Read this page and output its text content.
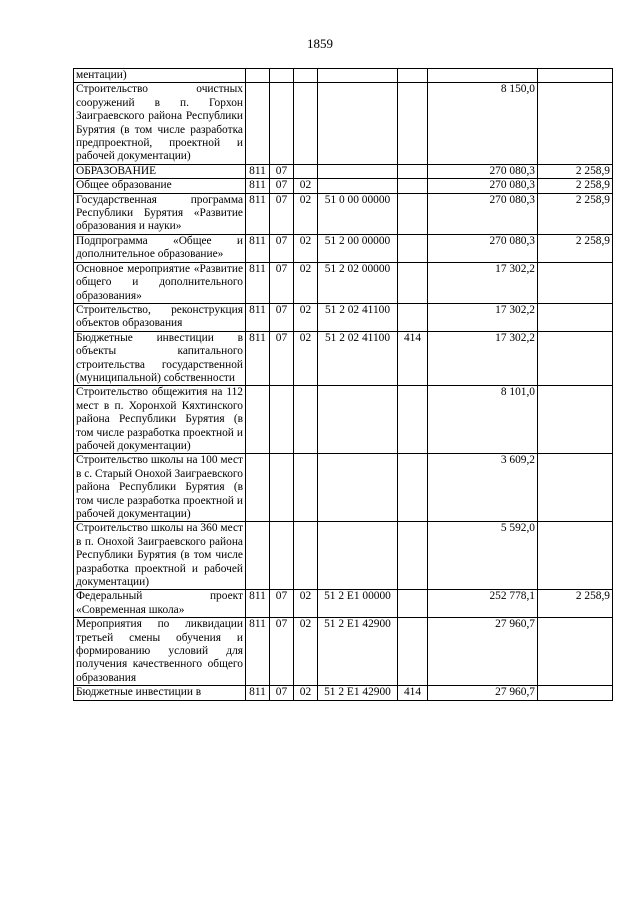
1859
ментации)							
Строительство очистных сооружений в п. Горхон Заиграевского района Республики Бурятия (в том числе разработка предпроектной, проектной и рабочей документации)						8 150,0	
ОБРАЗОВАНИЕ	811	07				270 080,3	2 258,9
Общее образование	811	07	02			270 080,3	2 258,9
Государственная программа Республики Бурятия «Развитие образования и науки»	811	07	02	51 0 00 00000		270 080,3	2 258,9
Подпрограмма «Общее и дополнительное образование»	811	07	02	51 2 00 00000		270 080,3	2 258,9
Основное мероприятие «Развитие общего и дополнительного образования»	811	07	02	51 2 02 00000		17 302,2	
Строительство, реконструкция объектов образования	811	07	02	51 2 02 41100		17 302,2	
Бюджетные инвестиции в объекты капитального строительства государственной (муниципальной) собственности	811	07	02	51 2 02 41100	414	17 302,2	
Строительство общежития на 112 мест в п. Хоронхой Кяхтинского района Республики Бурятия (в том числе разработка проектной и рабочей документации)						8 101,0	
Строительство школы на 100 мест в с. Старый Онохой Заиграевского района Республики Бурятия (в том числе разработка проектной и рабочей документации)						3 609,2	
Строительство школы на 360 мест в п. Онохой Заиграевского района Республики Бурятия (в том числе разработка проектной и рабочей документации)						5 592,0	
Федеральный проект «Современная школа»	811	07	02	51 2 Е1 00000		252 778,1	2 258,9
Мероприятия по ликвидации третьей смены обучения и формированию условий для получения качественного общего образования	811	07	02	51 2 Е1 42900		27 960,7	
Бюджетные инвестиции в	811	07	02	51 2 Е1 42900	414	27 960,7	
